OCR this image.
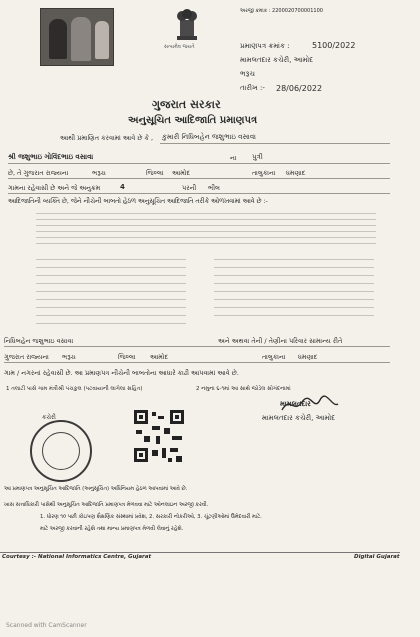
સત્યમેવ જયતે
અરજી ક્રમાંક : 2200020700001100
પ્રમાણપત્ર ક્રમાંક :	5100/2022
મામલતદાર કચેરી, આમોદ
ભરૂચ
તારીખ :- 28/06/2022
ગુજરાત સરકાર
અનુસૂચિત આદિજાતિ પ્રમાણપત્ર
આથી પ્રમાણિત કરવામાં આવે છે કે , કુમારી નિધિબહેન જશુભાઇ વસાવા
શ્રી જશુભાઇ ગોવિંદભાઇ વસાવા	ના પુત્રી
છે, તે ગુજરાત રાજ્યના	ભરૂચ	જિલ્લા આમોદ	તાલુકાના ધમણાદ
ગામના રહેવાસી છે અને જે અનુક્રમ	4	પરની ભીલ
આદિજાતિની વ્યક્તિ છે, જેને નીચેની બાબતો હેઠળ અનુસૂચિત આદિજાતિ તરીકે ઓળખવામાં આવે છે :-
નિધિબહેન જશુભાઇ વસાવા	અને અથવા તેની / તેણીના પરિવાર સામાન્ય રીતે
ગુજરાત રાજ્યના ભરૂચ	જિલ્લા આમોદ	તાલુકાના ધમણાદ
ગામ / નગરનાં રહેવાસી છે. આ પ્રમાણપત્ર નીચેની બાબતોના આધારે કાઢી આપવામાં આવે છે.
1 તલાટી પાસે ગામ મંત્રીશ્રી પંચકુલ (પટવાયાની લાગેલા સહિત)	2 નમુના ૬-૧માં આ સાથે જોડેલ સોગંદનામાં
મામલતદાર
મામલતદાર કચેરી, આમોદ
કચેરી
આ પ્રમાણપત્ર અનુસૂચિત આદિજાતિ (અનુસૂચિત) અધિનિયમ હેઠળ આપવામાં આવે છે.
ખાસ સત્તાધિકારી પાસેથી અનુસૂચિત આદિજાતિ પ્રમાણપત્ર મેળવવા માટે ઓનલાઇન અરજી કરવી.
1. ધોરણ ૧૦ પછી કોઇપણ શૈક્ષણિક સંસ્થામાં પ્રવેશ, 2. સરકારી નોકરીઓ, 3. ચૂંટણીઓમાં ઉમેદવારી માટે.
માટે અરજી કરવાની રહેશે તથા માન્ય પ્રમાણપત્ર મેળવી લેવાનું રહેશે.
Courtesy :- National Informatics Centre, Gujarat	Digital Gujarat
Scanned with CamScanner
